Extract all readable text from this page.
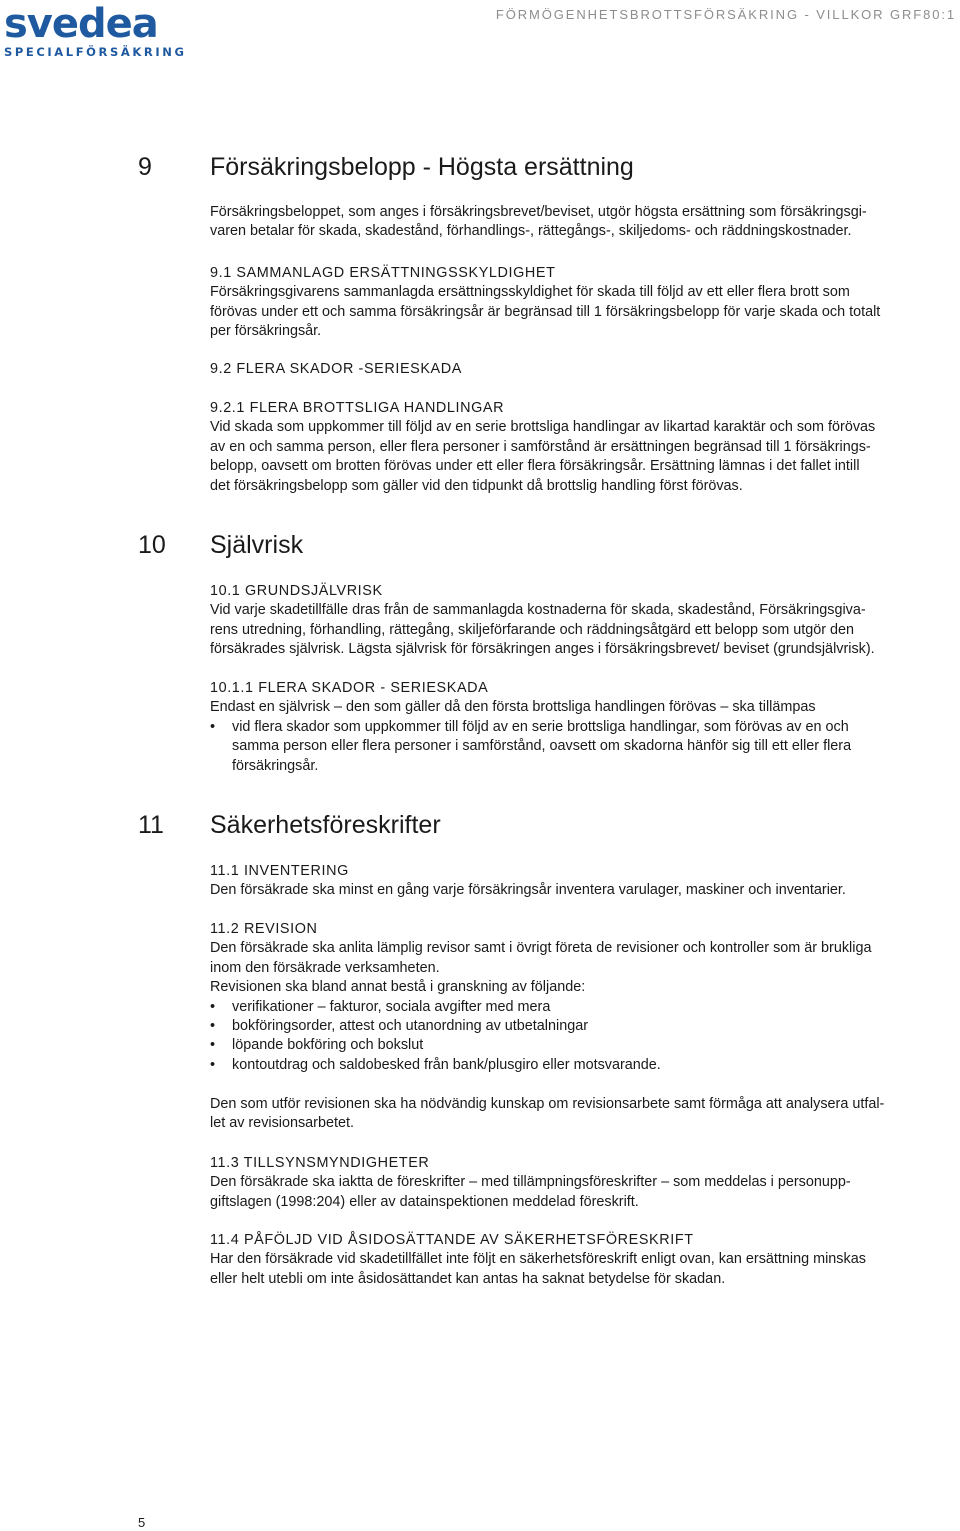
svedea
SPECIALFÖRSÄKRING
FÖRMÖGENHETSBROTTSFÖRSÄKRING - VILLKOR GRF80:1
9 Försäkringsbelopp - Högsta ersättning

Försäkringsbeloppet, som anges i försäkringsbrevet/beviset, utgör högsta ersättning som försäkringsgi-

varen betalar för skada, skadestånd, förhandlings-, rättegångs-, skiljedoms- och räddningskostnader.

9.1 SAMMANLAGD ERSÄTTNINGSSKYLDIGHET

Försäkringsgivarens sammanlagda ersättningsskyldighet för skada till följd av ett eller flera brott som

förövas under ett och samma försäkringsår är begränsad till 1 försäkringsbelopp för varje skada och totalt

per försäkringsår.

9.2 FLERA SKADOR -SERIESKADA

9.2.1 FLERA BROTTSLIGA HANDLINGAR

Vid skada som uppkommer till följd av en serie brottsliga handlingar av likartad karaktär och som förövas

av en och samma person, eller flera personer i samförstånd är ersättningen begränsad till 1 försäkrings-

belopp, oavsett om brotten förövas under ett eller flera försäkringsår. Ersättning lämnas i det fallet intill

det försäkringsbelopp som gäller vid den tidpunkt då brottslig handling först förövas.

10 Självrisk

10.1 GRUNDSJÄLVRISK

Vid varje skadetillfälle dras från de sammanlagda kostnaderna för skada, skadestånd, Försäkringsgiva-

rens utredning, förhandling, rättegång, skiljeförfarande och räddningsåtgärd ett belopp som utgör den

försäkrades självrisk. Lägsta självrisk för försäkringen anges i försäkringsbrevet/ beviset (grundsjälvrisk).

10.1.1 FLERA SKADOR - SERIESKADA

Endast en självrisk – den som gäller då den första brottsliga handlingen förövas – ska tillämpas

• vid flera skador som uppkommer till följd av en serie brottsliga handlingar, som förövas av en och

samma person eller flera personer i samförstånd, oavsett om skadorna hänför sig till ett eller flera

försäkringsår.

11 Säkerhetsföreskrifter

11.1 INVENTERING

Den försäkrade ska minst en gång varje försäkringsår inventera varulager, maskiner och inventarier.

11.2 REVISION

Den försäkrade ska anlita lämplig revisor samt i övrigt företa de revisioner och kontroller som är brukliga

inom den försäkrade verksamheten.

Revisionen ska bland annat bestå i granskning av följande:

• verifikationer – fakturor, sociala avgifter med mera

• bokföringsorder, attest och utanordning av utbetalningar

• löpande bokföring och bokslut

• kontoutdrag och saldobesked från bank/plusgiro eller motsvarande.

Den som utför revisionen ska ha nödvändig kunskap om revisionsarbete samt förmåga att analysera utfal-

let av revisionsarbetet.

11.3 TILLSYNSMYNDIGHETER

Den försäkrade ska iaktta de föreskrifter – med tillämpningsföreskrifter – som meddelas i personupp-

giftslagen (1998:204) eller av datainspektionen meddelad föreskrift.

11.4 PÅFÖLJD VID ÅSIDOSÄTTANDE AV SÄKERHETSFÖRESKRIFT

Har den försäkrade vid skadetillfället inte följt en säkerhetsföreskrift enligt ovan, kan ersättning minskas

eller helt utebli om inte åsidosättandet kan antas ha saknat betydelse för skadan.

5
